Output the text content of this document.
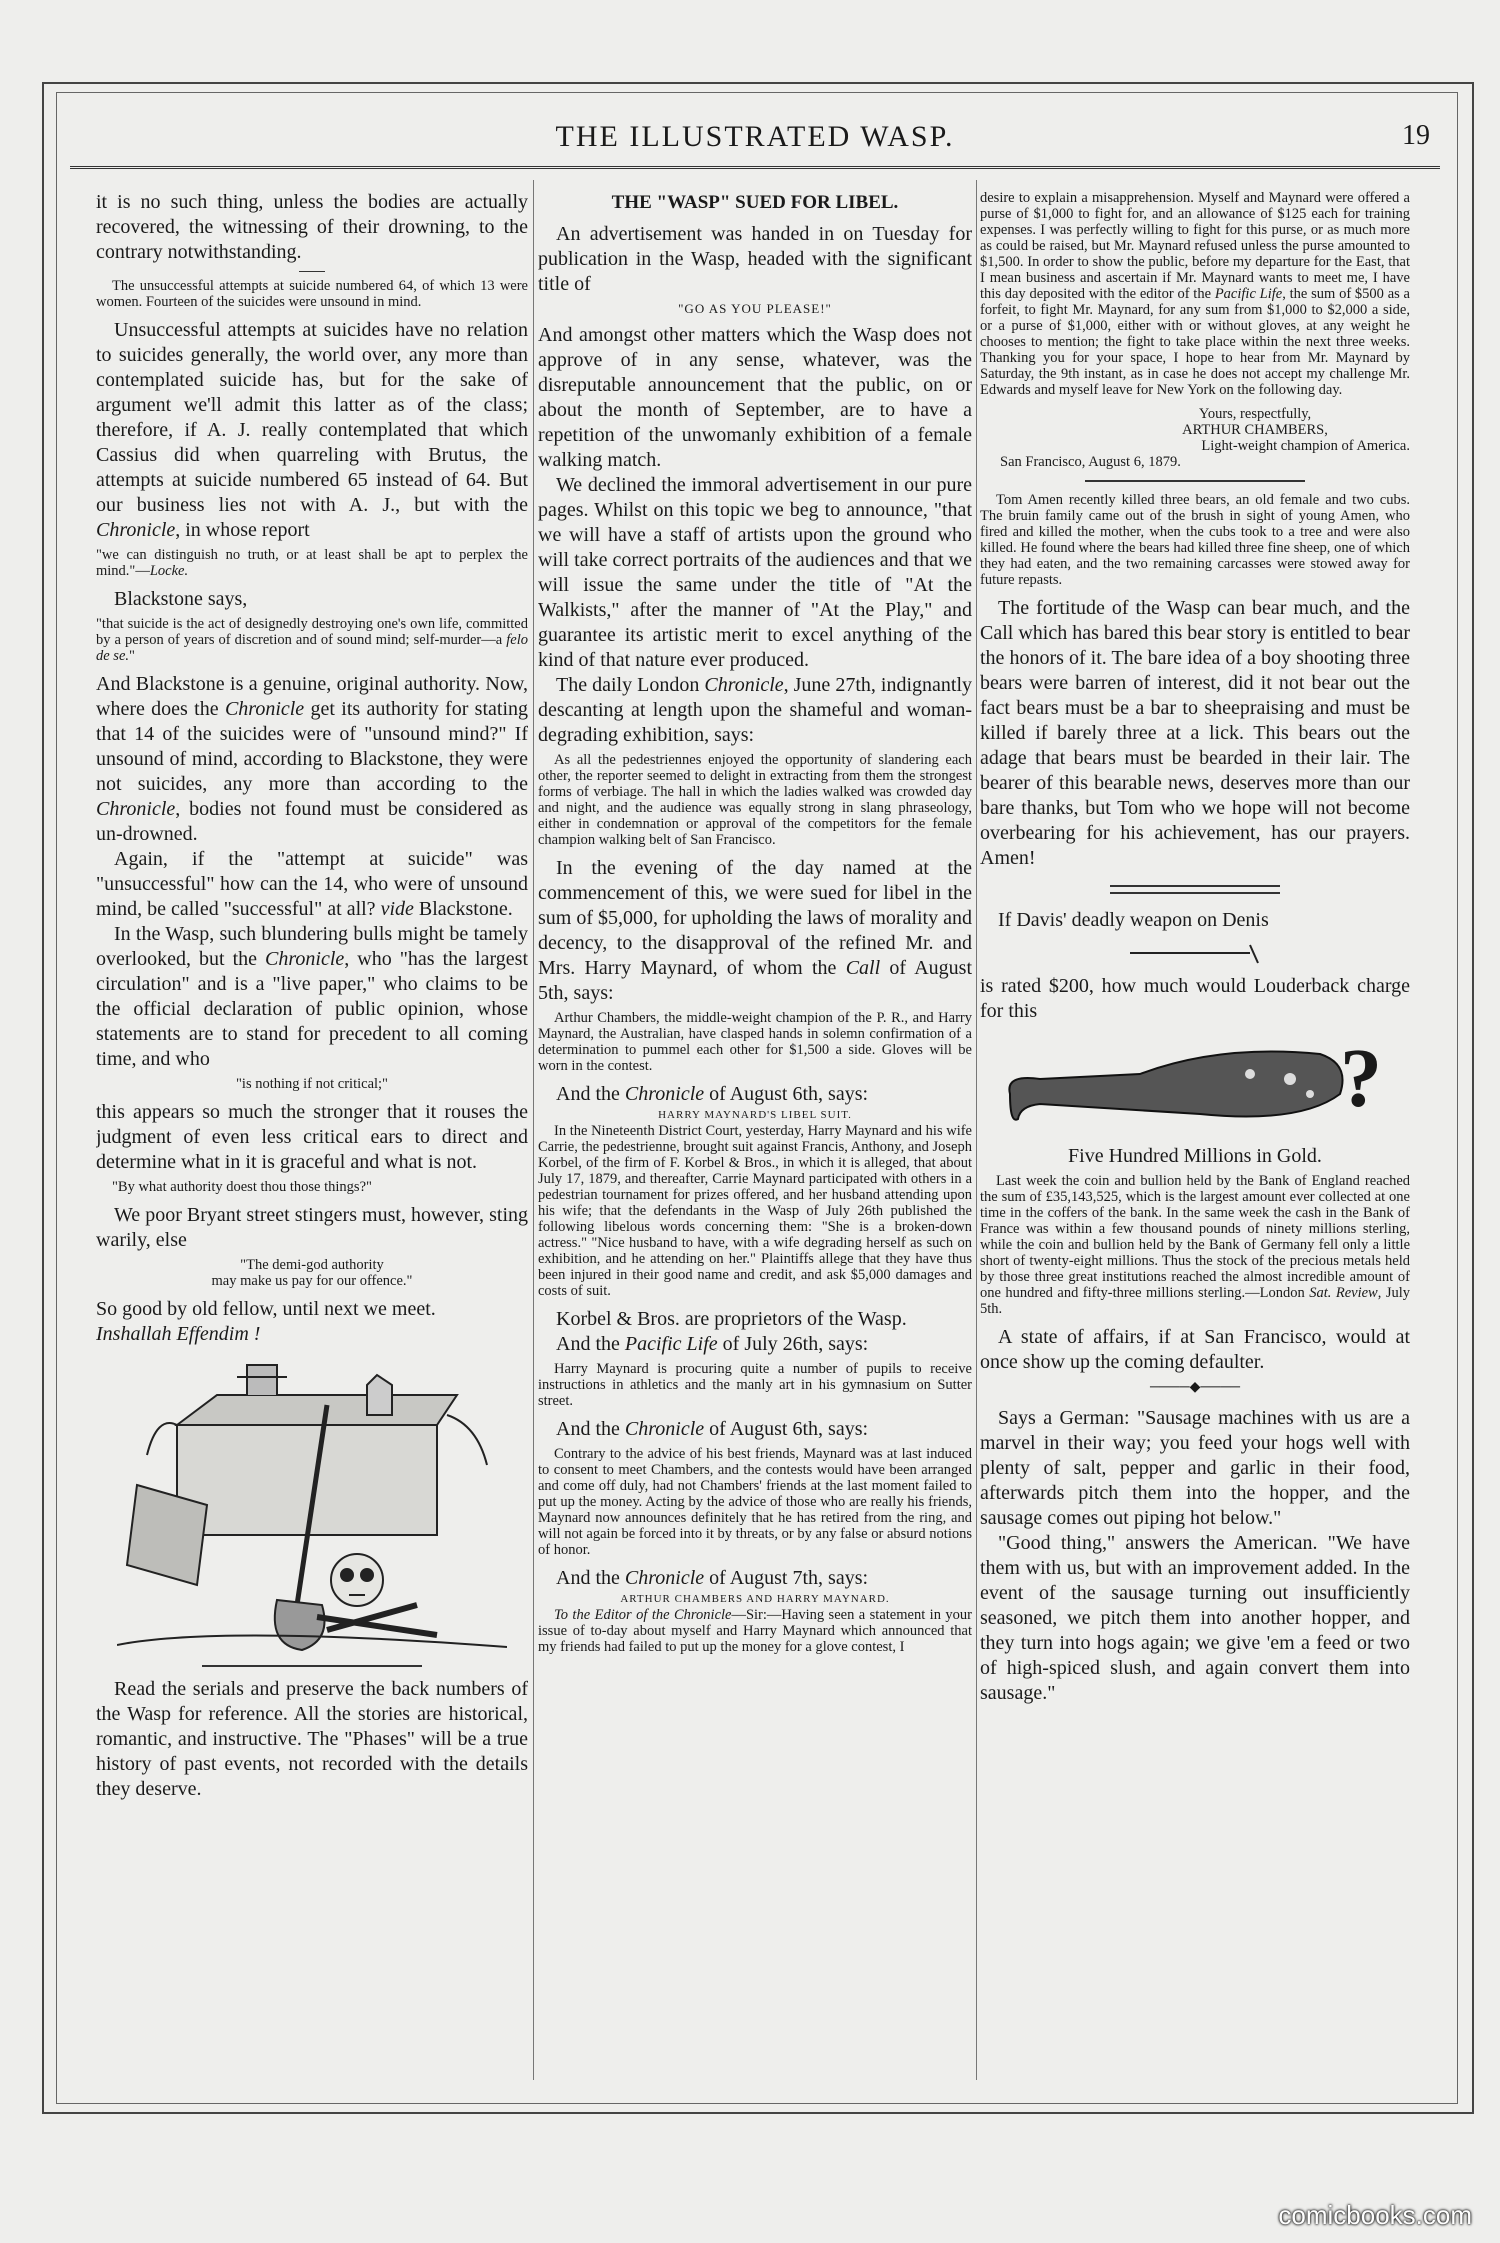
THE ILLUSTRATED WASP.	19

it is no such thing, unless the bodies are actually recovered, the witnessing of their drowning, to the contrary notwithstanding.

The unsuccessful attempts at suicide numbered 64, of which 13 were women. Fourteen of the suicides were unsound in mind.

Unsuccessful attempts at suicides have no relation to suicides generally, the world over, any more than contemplated suicide has, but for the sake of argument we'll admit this latter as of the class; therefore, if A. J. really contemplated that which Cassius did when quarreling with Brutus, the attempts at suicide numbered 65 instead of 64. But our business lies not with A. J., but with the Chronicle, in whose report

"we can distinguish no truth, or at least shall be apt to perplex the mind."—Locke.

Blackstone says,

"that suicide is the act of designedly destroying one's own life, committed by a person of years of discretion and of sound mind; self-murder—a felo de se."

And Blackstone is a genuine, original authority. Now, where does the Chronicle get its authority for stating that 14 of the suicides were of "unsound mind?" If unsound of mind, according to Blackstone, they were not suicides, any more than according to the Chronicle, bodies not found must be considered as un-drowned.

Again, if the "attempt at suicide" was "unsuccessful" how can the 14, who were of unsound mind, be called "successful" at all? vide Blackstone.

In the Wasp, such blundering bulls might be tamely overlooked, but the Chronicle, who "has the largest circulation" and is a "live paper," who claims to be the official declaration of public opinion, whose statements are to stand for precedent to all coming time, and who

"is nothing if not critical;"

this appears so much the stronger that it rouses the judgment of even less critical ears to direct and determine what in it is graceful and what is not.

"By what authority doest thou those things?"

We poor Bryant street stingers must, however, sting warily, else

"The demi-god authority

may make us pay for our offence."

So good by old fellow, until next we meet.

Inshallah Effendim !

Read the serials and preserve the back numbers of the Wasp for reference. All the stories are historical, romantic, and instructive. The "Phases" will be a true history of past events, not recorded with the details they deserve.

THE "WASP" SUED FOR LIBEL.

An advertisement was handed in on Tuesday for publication in the Wasp, headed with the significant title of

"GO AS YOU PLEASE!"

And amongst other matters which the Wasp does not approve of in any sense, whatever, was the disreputable announcement that the public, on or about the month of September, are to have a repetition of the unwomanly exhibition of a female walking match.

We declined the immoral advertisement in our pure pages. Whilst on this topic we beg to announce, "that we will have a staff of artists upon the ground who will take correct portraits of the audiences and that we will issue the same under the title of "At the Walkists," after the manner of "At the Play," and guarantee its artistic merit to excel anything of the kind of that nature ever produced.

The daily London Chronicle, June 27th, indignantly descanting at length upon the shameful and woman-degrading exhibition, says:

As all the pedestriennes enjoyed the opportunity of slandering each other, the reporter seemed to delight in extracting from them the strongest forms of verbiage. The hall in which the ladies walked was crowded day and night, and the audience was equally strong in slang phraseology, either in condemnation or approval of the competitors for the female champion walking belt of San Francisco.

In the evening of the day named at the commencement of this, we were sued for libel in the sum of $5,000, for upholding the laws of morality and decency, to the disapproval of the refined Mr. and Mrs. Harry Maynard, of whom the Call of August 5th, says:

Arthur Chambers, the middle-weight champion of the P. R., and Harry Maynard, the Australian, have clasped hands in solemn confirmation of a determination to pummel each other for $1,500 a side. Gloves will be worn in the contest.

And the Chronicle of August 6th, says:

HARRY MAYNARD'S LIBEL SUIT.

In the Nineteenth District Court, yesterday, Harry Maynard and his wife Carrie, the pedestrienne, brought suit against Francis, Anthony, and Joseph Korbel, of the firm of F. Korbel & Bros., in which it is alleged, that about July 17, 1879, and thereafter, Carrie Maynard participated with others in a pedestrian tournament for prizes offered, and her husband attending upon his wife; that the defendants in the Wasp of July 26th published the following libelous words concerning them: "She is a broken-down actress." "Nice husband to have, with a wife degrading herself as such on exhibition, and he attending on her." Plaintiffs allege that they have thus been injured in their good name and credit, and ask $5,000 damages and costs of suit.

Korbel & Bros. are proprietors of the Wasp.

And the Pacific Life of July 26th, says:

Harry Maynard is procuring quite a number of pupils to receive instructions in athletics and the manly art in his gymnasium on Sutter street.

And the Chronicle of August 6th, says:

Contrary to the advice of his best friends, Maynard was at last induced to consent to meet Chambers, and the contests would have been arranged and come off duly, had not Chambers' friends at the last moment failed to put up the money. Acting by the advice of those who are really his friends, Maynard now announces definitely that he has retired from the ring, and will not again be forced into it by threats, or by any false or absurd notions of honor.

And the Chronicle of August 7th, says:

ARTHUR CHAMBERS AND HARRY MAYNARD.

To the Editor of the Chronicle—Sir:—Having seen a statement in your issue of to-day about myself and Harry Maynard which announced that my friends had failed to put up the money for a glove contest, I

desire to explain a misapprehension. Myself and Maynard were offered a purse of $1,000 to fight for, and an allowance of $125 each for training expenses. I was perfectly willing to fight for this purse, or as much more as could be raised, but Mr. Maynard refused unless the purse amounted to $1,500. In order to show the public, before my departure for the East, that I mean business and ascertain if Mr. Maynard wants to meet me, I have this day deposited with the editor of the Pacific Life, the sum of $500 as a forfeit, to fight Mr. Maynard, for any sum from $1,000 to $2,000 a side, or a purse of $1,000, either with or without gloves, at any weight he chooses to mention; the fight to take place within the next three weeks. Thanking you for your space, I hope to hear from Mr. Maynard by Saturday, the 9th instant, as in case he does not accept my challenge Mr. Edwards and myself leave for New York on the following day.

Yours, respectfully,

ARTHUR CHAMBERS,

Light-weight champion of America.

San Francisco, August 6, 1879.

Tom Amen recently killed three bears, an old female and two cubs. The bruin family came out of the brush in sight of young Amen, who fired and killed the mother, when the cubs took to a tree and were also killed. He found where the bears had killed three fine sheep, one of which they had eaten, and the two remaining carcasses were stowed away for future repasts.

The fortitude of the Wasp can bear much, and the Call which has bared this bear story is entitled to bear the honors of it. The bare idea of a boy shooting three bears were barren of interest, did it not bear out the fact bears must be a bar to sheepraising and must be killed if barely three at a lick. This bears out the adage that bears must be bearded in their lair. The bearer of this bearable news, deserves more than our bare thanks, but Tom who we hope will not become overbearing for his achievement, has our prayers. Amen!

If Davis' deadly weapon on Denis

is rated $200, how much would Louderback charge for this

?

Five Hundred Millions in Gold.

Last week the coin and bullion held by the Bank of England reached the sum of £35,143,525, which is the largest amount ever collected at one time in the coffers of the bank. In the same week the cash in the Bank of France was within a few thousand pounds of ninety millions sterling, while the coin and bullion held by the Bank of Germany fell only a little short of twenty-eight millions. Thus the stock of the precious metals held by those three great institutions reached the almost incredible amount of one hundred and fifty-three millions sterling.—London Sat. Review, July 5th.

A state of affairs, if at San Francisco, would at once show up the coming defaulter.

────◆────

Says a German: "Sausage machines with us are a marvel in their way; you feed your hogs well with plenty of salt, pepper and garlic in their food, afterwards pitch them into the hopper, and the sausage comes out piping hot below."

"Good thing," answers the American. "We have them with us, but with an improvement added. In the event of the sausage turning out insufficiently seasoned, we pitch them into another hopper, and they turn into hogs again; we give 'em a feed or two of high-spiced slush, and again convert them into sausage."

comicbooks.com
